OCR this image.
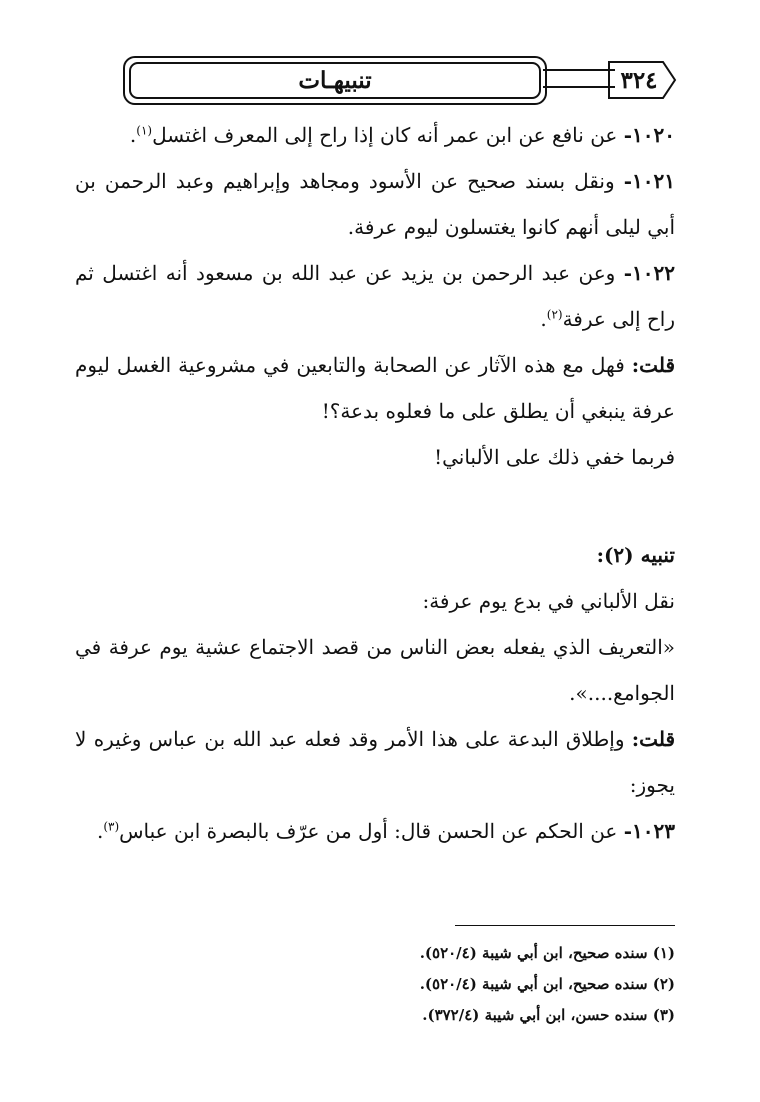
تنبيهـات	٣٢٤

١٠٢٠- عن نافع عن ابن عمر أنه كان إذا راح إلى المعرف اغتسل$^{(١)}$.

١٠٢١- ونقل بسند صحيح عن الأسود ومجاهد وإبراهيم وعبد الرحمن بن أبي ليلى أنهم كانوا يغتسلون ليوم عرفة.

١٠٢٢- وعن عبد الرحمن بن يزيد عن عبد الله بن مسعود أنه اغتسل ثم راح إلى عرفة$^{(٢)}$.

قلت: فهل مع هذه الآثار عن الصحابة والتابعين في مشروعية الغسل ليوم عرفة ينبغي أن يطلق على ما فعلوه بدعة؟!

فربما خفي ذلك على الألباني!

تنبيه (٢):

نقل الألباني في بدع يوم عرفة:

«التعريف الذي يفعله بعض الناس من قصد الاجتماع عشية يوم عرفة في الجوامع....».

قلت: وإطلاق البدعة على هذا الأمر وقد فعله عبد الله بن عباس وغيره لا يجوز:

١٠٢٣- عن الحكم عن الحسن قال: أول من عرّف بالبصرة ابن عباس$^{(٣)}$.

(١) سنده صحيح، ابن أبي شيبة (٥٢٠/٤).

(٢) سنده صحيح، ابن أبي شيبة (٥٢٠/٤).

(٣) سنده حسن، ابن أبي شيبة (٣٧٢/٤).
